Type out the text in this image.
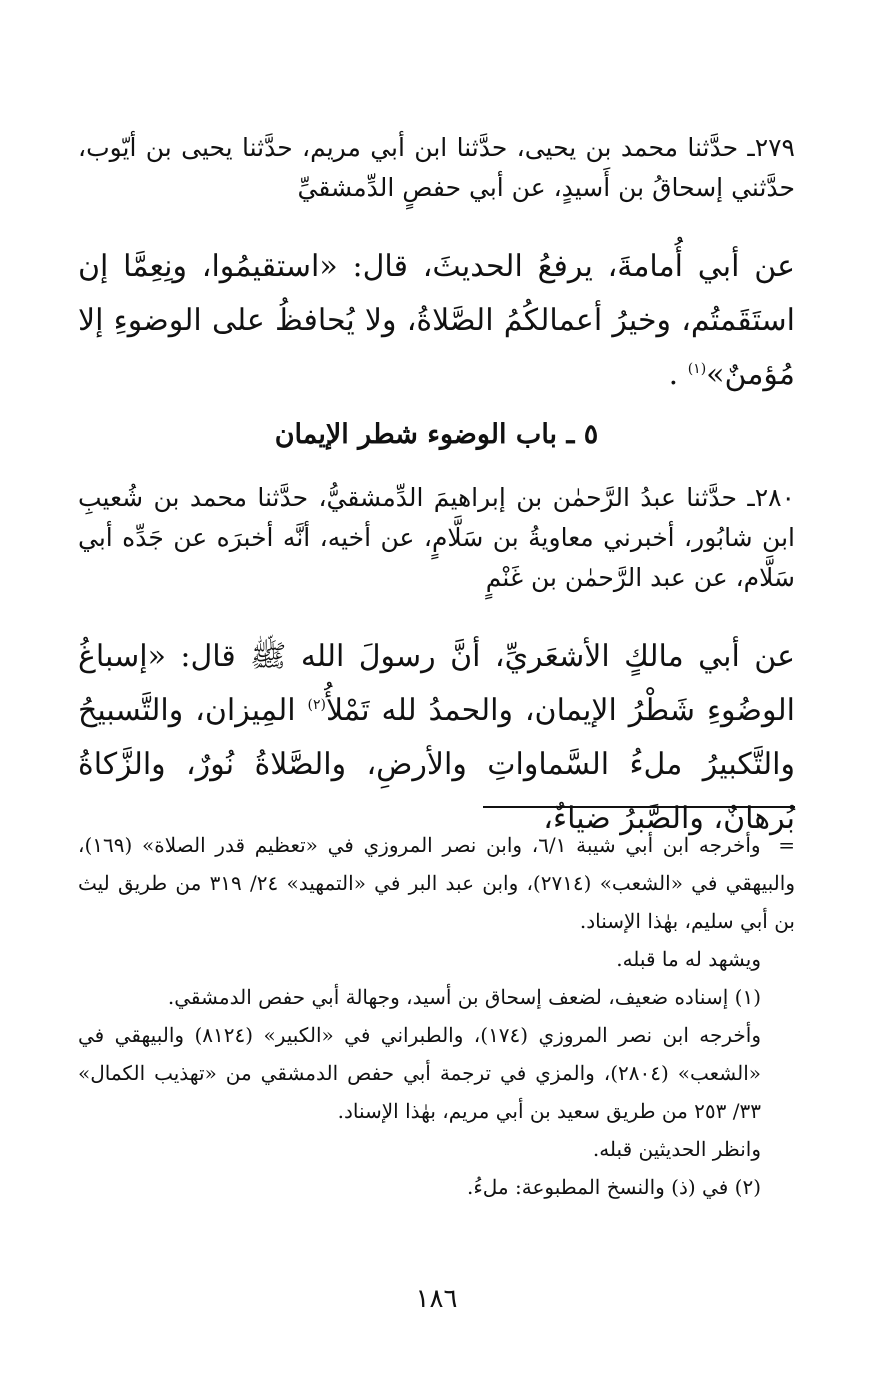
٢٧٩ـ حدَّثنا محمد بن يحيى، حدَّثنا ابن أبي مريم، حدَّثنا يحيى بن أيّوب، حدَّثني إسحاقُ بن أَسيدٍ، عن أبي حفصٍ الدِّمشقيِّ
عن أبي أُمامةَ، يرفعُ الحديثَ، قال: «استقيمُوا، ونِعِمَّا إن استَقَمتُم، وخيرُ أعمالكُمُ الصَّلاةُ، ولا يُحافظُ على الوضوءِ إلا مُؤمنٌ»$^{(١)}$ .
٥ ـ باب الوضوء شطر الإيمان
٢٨٠ـ حدَّثنا عبدُ الرَّحمٰن بن إبراهيمَ الدِّمشقيُّ، حدَّثنا محمد بن شُعيبِ ابن شابُور، أخبرني معاويةُ بن سَلَّامٍ، عن أخيه، أنَّه أخبرَه عن جَدِّه أبي سَلَّام، عن عبد الرَّحمٰن بن غَنْمٍ
عن أبي مالكٍ الأشعَريِّ، أنَّ رسولَ الله ﷺ قال: «إسباغُ الوضُوءِ شَطْرُ الإيمان، والحمدُ لله تَمْلأُ$^{(٢)}$ المِيزان، والتَّسبيحُ والتَّكبيرُ ملءُ السَّماواتِ والأرضِ، والصَّلاةُ نُورٌ، والزَّكاةُ بُرهانٌ، والصَّبرُ ضياءٌ،
= وأخرجه ابن أبي شيبة ٦/١، وابن نصر المروزي في «تعظيم قدر الصلاة» (١٦٩)، والبيهقي في «الشعب» (٢٧١٤)، وابن عبد البر في «التمهيد» ٢٤/ ٣١٩ من طريق ليث بن أبي سليم، بهٰذا الإسناد.
ويشهد له ما قبله.
(١) إسناده ضعيف، لضعف إسحاق بن أسيد، وجهالة أبي حفص الدمشقي.
وأخرجه ابن نصر المروزي (١٧٤)، والطبراني في «الكبير» (٨١٢٤) والبيهقي في «الشعب» (٢٨٠٤)، والمزي في ترجمة أبي حفص الدمشقي من «تهذيب الكمال» ٣٣/ ٢٥٣ من طريق سعيد بن أبي مريم، بهٰذا الإسناد.
وانظر الحديثين قبله.
(٢) في (ذ) والنسخ المطبوعة: ملءُ.
١٨٦
